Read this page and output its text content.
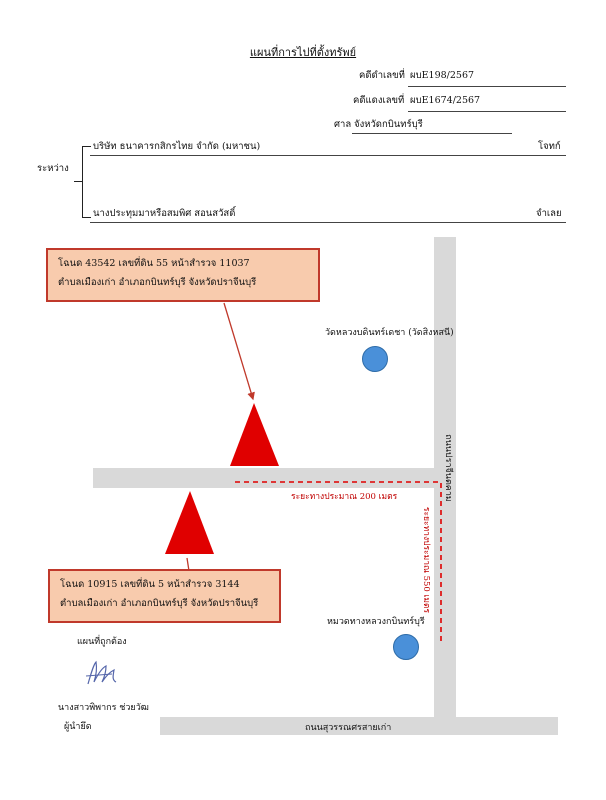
แผนที่การไปที่ตั้งทรัพย์
คดีดำเลขที่ ผบE198/2567
คดีแดงเลขที่ ผบE1674/2567
ศาล จังหวัดกบินทร์บุรี
ระหว่าง
บริษัท ธนาคารกสิกรไทย จำกัด (มหาชน)	โจทก์
นางประทุมมาหรือสมพิศ สอนสวัสดิ์	จำเลย
ถนนสุวรรณศรสายเก่า
ถนนปราจีนตคาม
โฉนด 43542 เลขที่ดิน 55 หน้าสำรวจ 11037
ตำบลเมืองเก่า อำเภอกบินทร์บุรี จังหวัดปราจีนบุรี
โฉนด 10915 เลขที่ดิน 5 หน้าสำรวจ 3144
ตำบลเมืองเก่า อำเภอกบินทร์บุรี จังหวัดปราจีนบุรี
วัดหลวงบดินทร์เดชา (วัดสิงหสนี)
หมวดทางหลวงกบินทร์บุรี
ระยะทางประมาณ 200 เมตร
ระยะทางประมาณ 550 เมตร
แผนที่ถูกต้อง
นางสาวพิพากร ช่วยวัฒ
ผู้นำยึด
